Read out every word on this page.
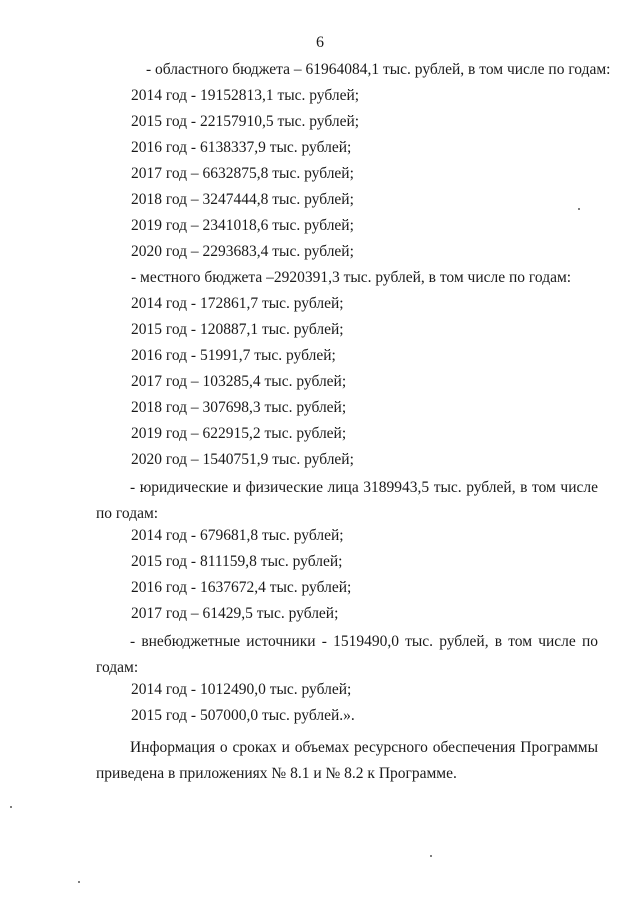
6
- областного бюджета – 61964084,1 тыс. рублей, в том числе по годам:
2014 год - 19152813,1 тыс. рублей;
2015 год - 22157910,5 тыс. рублей;
2016 год - 6138337,9 тыс. рублей;
2017 год – 6632875,8 тыс. рублей;
2018 год – 3247444,8 тыс. рублей;
2019 год – 2341018,6 тыс. рублей;
2020 год – 2293683,4 тыс. рублей;
- местного бюджета –2920391,3 тыс. рублей, в том числе по годам:
2014 год - 172861,7 тыс. рублей;
2015 год - 120887,1 тыс. рублей;
2016 год - 51991,7 тыс. рублей;
2017 год – 103285,4 тыс. рублей;
2018 год – 307698,3 тыс. рублей;
2019 год – 622915,2 тыс. рублей;
2020 год – 1540751,9 тыс. рублей;
- юридические и физические лица 3189943,5 тыс. рублей, в том числе по годам:
2014 год - 679681,8 тыс. рублей;
2015 год - 811159,8 тыс. рублей;
2016 год - 1637672,4 тыс. рублей;
2017 год – 61429,5 тыс. рублей;
- внебюджетные источники - 1519490,0 тыс. рублей, в том числе по годам:
2014 год - 1012490,0 тыс. рублей;
2015 год - 507000,0 тыс. рублей.».
Информация о сроках и объемах ресурсного обеспечения Программы приведена в приложениях № 8.1 и № 8.2 к Программе.
